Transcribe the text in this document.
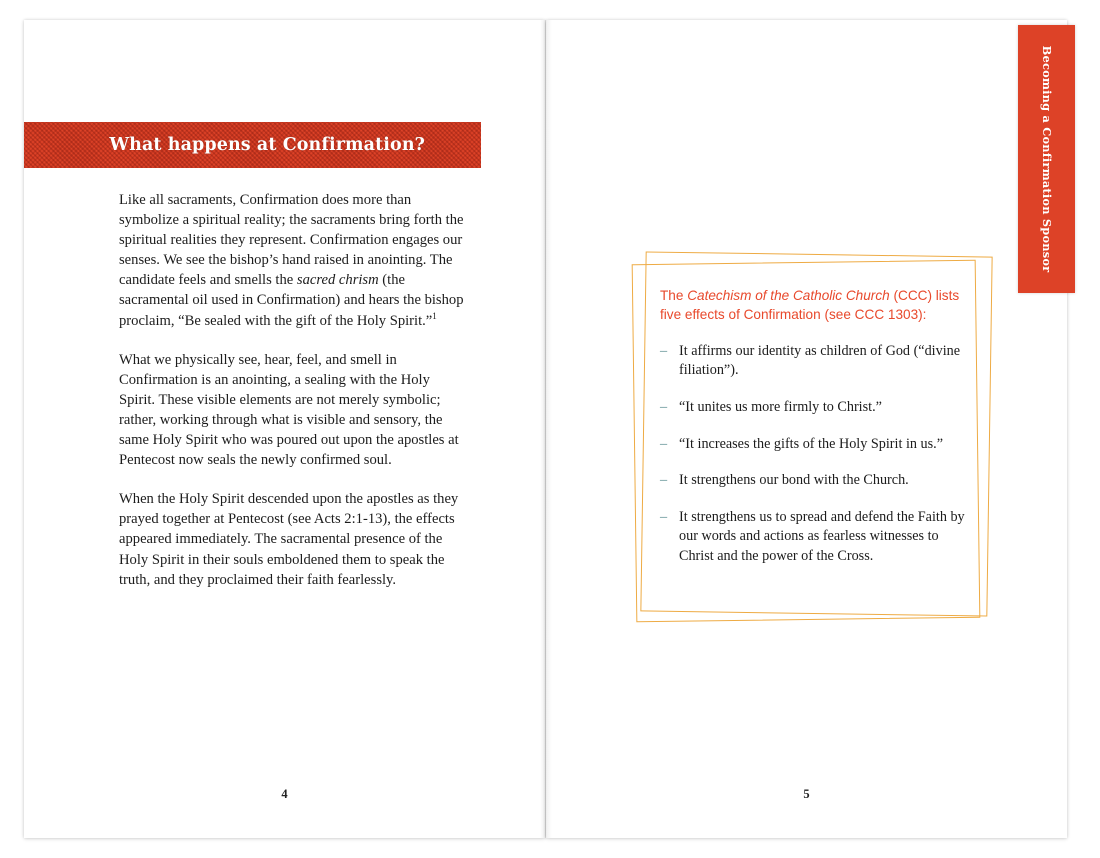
What happens at Confirmation?

Like all sacraments, Confirmation does more than symbolize a spiritual reality; the sacraments bring forth the spiritual realities they represent. Confirmation engages our senses. We see the bishop’s hand raised in anointing. The candidate feels and smells the sacred chrism (the sacramental oil used in Confirmation) and hears the bishop proclaim, “Be sealed with the gift of the Holy Spirit.”$^1$

What we physically see, hear, feel, and smell in Confirmation is an anointing, a sealing with the Holy Spirit. These visible elements are not merely symbolic; rather, working through what is visible and sensory, the same Holy Spirit who was poured out upon the apostles at Pentecost now seals the newly confirmed soul.

When the Holy Spirit descended upon the apostles as they prayed together at Pentecost (see Acts 2:1-13), the effects appeared immediately. The sacramental presence of the Holy Spirit in their souls emboldened them to speak the truth, and they proclaimed their faith fearlessly.

4

The Catechism of the Catholic Church (CCC) lists five effects of Confirmation (see CCC 1303):

– It affirms our identity as children of God (“divine filiation”).
– “It unites us more firmly to Christ.”
– “It increases the gifts of the Holy Spirit in us.”
– It strengthens our bond with the Church.
– It strengthens us to spread and defend the Faith by our words and actions as fearless witnesses to Christ and the power of the Cross.
5
Becoming a Confirmation Sponsor
